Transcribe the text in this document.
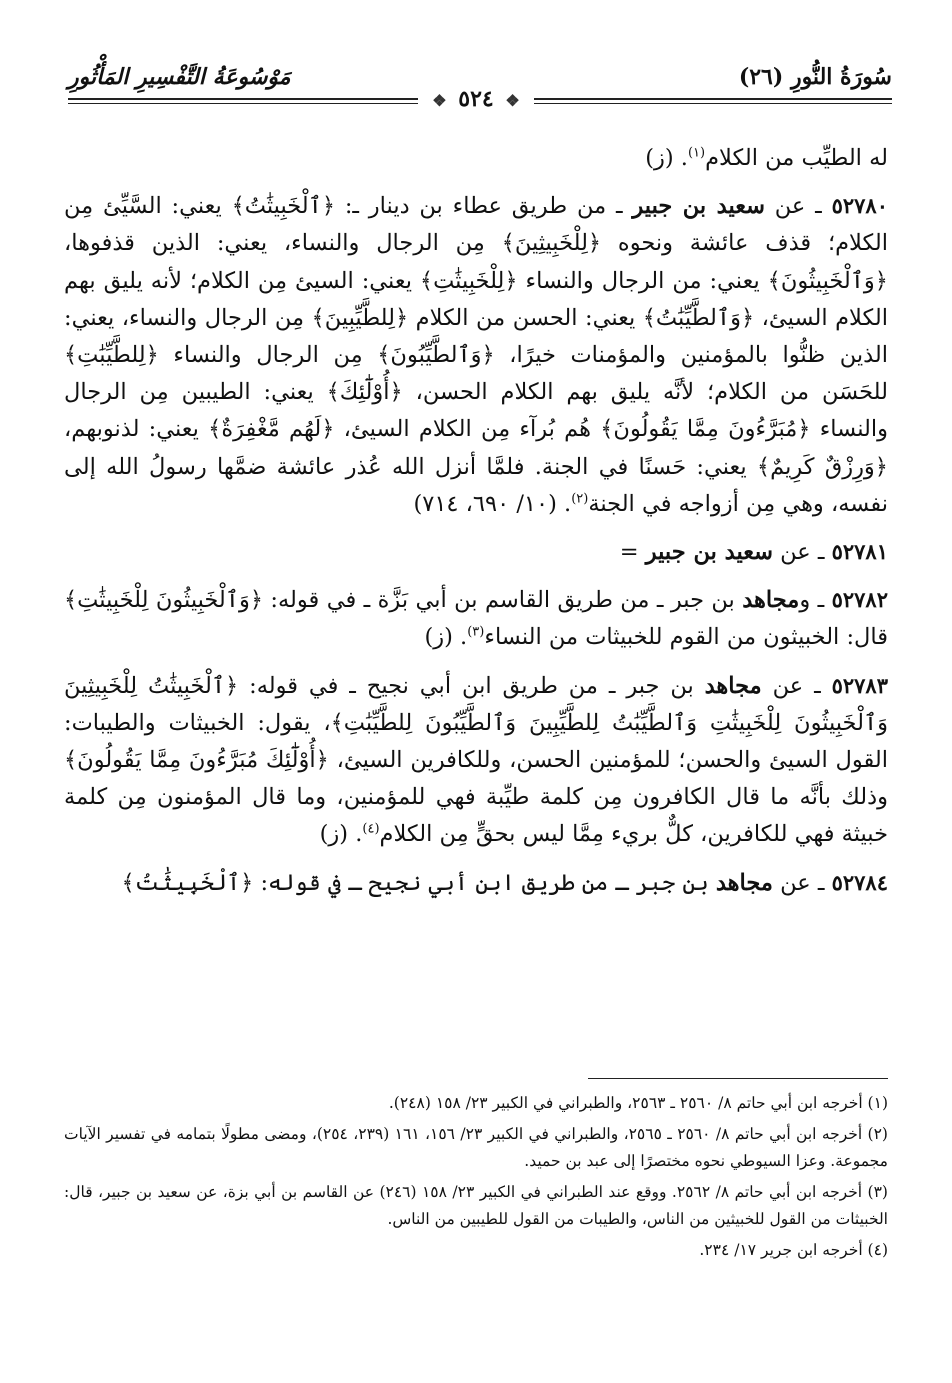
سُورَةُ النُّورِ (٢٦)
مَوْسُوعَةُ التَّفْسِيرِ المَأْثُورِ
❖ ٥٢٤ ❖

له الطيِّب من الكلام$^{(١)}$. (ز)

٥٢٧٨٠ ـ عن سعيد بن جبير ـ من طريق عطاء بن دينار ـ: ﴿ٱلْخَبِيثَٰتُ﴾ يعني: السَّيِّئ مِن الكلام؛ قذف عائشة ونحوه ﴿لِلْخَبِيثِينَ﴾ مِن الرجال والنساء، يعني: الذين قذفوها، ﴿وَٱلْخَبِيثُونَ﴾ يعني: من الرجال والنساء ﴿لِلْخَبِيثَٰتِ﴾ يعني: السيئ مِن الكلام؛ لأنه يليق بهم الكلام السيئ، ﴿وَٱلطَّيِّبَٰتُ﴾ يعني: الحسن من الكلام ﴿لِلطَّيِّبِينَ﴾ مِن الرجال والنساء، يعني: الذين ظنُّوا بالمؤمنين والمؤمنات خيرًا، ﴿وَٱلطَّيِّبُونَ﴾ مِن الرجال والنساء ﴿لِلطَّيِّبَٰتِ﴾ للحَسَن من الكلام؛ لأنَّه يليق بهم الكلام الحسن، ﴿أُوْلَٰٓئِكَ﴾ يعني: الطيبين مِن الرجال والنساء ﴿مُبَرَّءُونَ مِمَّا يَقُولُونَ﴾ هُم بُرآء مِن الكلام السيئ، ﴿لَهُم مَّغْفِرَةٌ﴾ يعني: لذنوبهم، ﴿وَرِزْقٌ كَرِيمٌ﴾ يعني: حَسنًا في الجنة. فلمَّا أنزل الله عُذر عائشة ضمَّها رسولُ الله إلى نفسه، وهي مِن أزواجه في الجنة$^{(٢)}$. (١٠/ ٦٩٠، ٧١٤)

٥٢٧٨١ ـ عن سعيد بن جبير =

٥٢٧٨٢ ـ ومجاهد بن جبر ـ من طريق القاسم بن أبي بَزَّة ـ في قوله: ﴿وَٱلْخَبِيثُونَ لِلْخَبِيثَٰتِ﴾ قال: الخبيثون من القوم للخبيثات من النساء$^{(٣)}$. (ز)

٥٢٧٨٣ ـ عن مجاهد بن جبر ـ من طريق ابن أبي نجيح ـ في قوله: ﴿ٱلْخَبِيثَٰتُ لِلْخَبِيثِينَ وَٱلْخَبِيثُونَ لِلْخَبِيثَٰتِ وَٱلطَّيِّبَٰتُ لِلطَّيِّبِينَ وَٱلطَّيِّبُونَ لِلطَّيِّبَٰتِ﴾، يقول: الخبيثات والطيبات: القول السيئ والحسن؛ للمؤمنين الحسن، وللكافرين السيئ، ﴿أُوْلَٰٓئِكَ مُبَرَّءُونَ مِمَّا يَقُولُونَ﴾ وذلك بأنَّه ما قال الكافرون مِن كلمة طيِّبة فهي للمؤمنين، وما قال المؤمنون مِن كلمة خبيثة فهي للكافرين، كلٌّ بريء مِمَّا ليس بحقٍّ مِن الكلام$^{(٤)}$. (ز)

٥٢٧٨٤ ـ عن مجاهد بن جبر ـ من طريق ابن أبي نجيح ـ في قوله: ﴿ٱلْخَبِيثَٰتُ﴾

(١) أخرجه ابن أبي حاتم ٨/ ٢٥٦٠ ـ ٢٥٦٣، والطبراني في الكبير ٢٣/ ١٥٨ (٢٤٨).

(٢) أخرجه ابن أبي حاتم ٨/ ٢٥٦٠ ـ ٢٥٦٥، والطبراني في الكبير ٢٣/ ١٥٦، ١٦١ (٢٣٩، ٢٥٤)، ومضى مطولًا بتمامه في تفسير الآيات مجموعة. وعزا السيوطي نحوه مختصرًا إلى عبد بن حميد.

(٣) أخرجه ابن أبي حاتم ٨/ ٢٥٦٢. ووقع عند الطبراني في الكبير ٢٣/ ١٥٨ (٢٤٦) عن القاسم بن أبي بزة، عن سعيد بن جبير، قال: الخبيثات من القول للخبيثين من الناس، والطيبات من القول للطيبين من الناس.

(٤) أخرجه ابن جرير ١٧/ ٢٣٤.
